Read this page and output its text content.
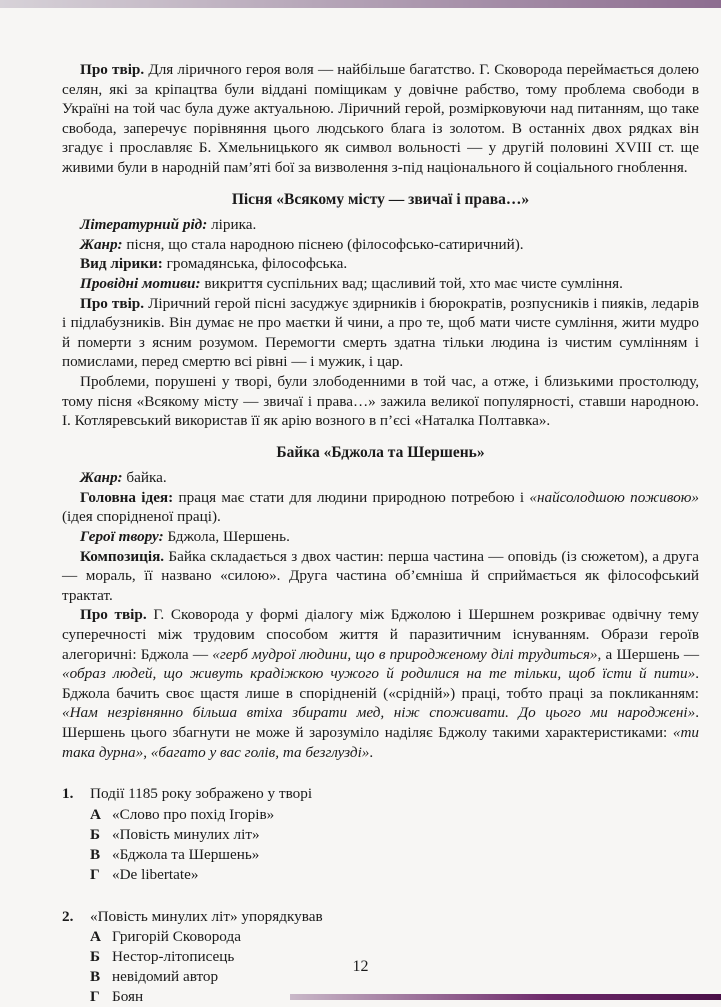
Про твір. Для ліричного героя воля — найбільше багатство. Г. Сковорода переймається долею селян, які за кріпацтва були віддані поміщикам у довічне рабство, тому проблема свободи в Україні на той час була дуже актуальною. Ліричний герой, розмірковуючи над питанням, що таке свобода, заперечує порівняння цього людського блага із золотом. В останніх двох рядках він згадує і прославляє Б. Хмельницького як символ вольності — у другій половині XVIII ст. ще живими були в народній пам’яті бої за визволення з-під національного й соціального гноблення.

Пісня «Всякому місту — звичаї і права…»

Літературний рід: лірика.

Жанр: пісня, що стала народною піснею (філософсько-сатиричний).

Вид лірики: громадянська, філософська.

Провідні мотиви: викриття суспільних вад; щасливий той, хто має чисте сумління.

Про твір. Ліричний герой пісні засуджує здирників і бюрократів, розпусників і пияків, ледарів і підлабузників. Він думає не про маєтки й чини, а про те, щоб мати чисте сумління, жити мудро й померти з ясним розумом. Перемогти смерть здатна тільки людина із чистим сумлінням і помислами, перед смертю всі рівні — і мужик, і цар.

Проблеми, порушені у творі, були злободенними в той час, а отже, і близькими простолюду, тому пісня «Всякому місту — звичаї і права…» зажила великої популярності, ставши народною. І. Котляревський використав її як арію возного в п’єсі «Наталка Полтавка».

Байка «Бджола та Шершень»

Жанр: байка.

Головна ідея: праця має стати для людини природною потребою і «найсолодшою поживою» (ідея спорідненої праці).

Герої твору: Бджола, Шершень.

Композиція. Байка складається з двох частин: перша частина — оповідь (із сюжетом), а друга — мораль, її названо «силою». Друга частина об’ємніша й сприймається як філософський трактат.

Про твір. Г. Сковорода у формі діалогу між Бджолою і Шершнем розкриває одвічну тему суперечності між трудовим способом життя й паразитичним існуванням. Образи героїв алегоричні: Бджола — «герб мудрої людини, що в природженому ділі трудиться», а Шершень — «образ людей, що живуть крадіжкою чужого й родилися на те тільки, щоб їсти й пити». Бджола бачить своє щастя лише в спорідненій («срідній») праці, тобто праці за покликанням: «Нам незрівнянно більша втіха збирати мед, ніж споживати. До цього ми народжені». Шершень цього збагнути не може й зарозуміло наділяє Бджолу такими характеристиками: «ти така дурна», «багато у вас голів, та безглузді».

1.	Події 1185 року зображено у творі
А «Слово про похід Ігорів»
Б «Повість минулих літ»
В «Бджола та Шершень»
Г «De libertate»
2.	«Повість минулих літ» упорядкував
А Григорій Сковорода
Б Нестор-літописець
В невідомий автор
Г Боян
12
